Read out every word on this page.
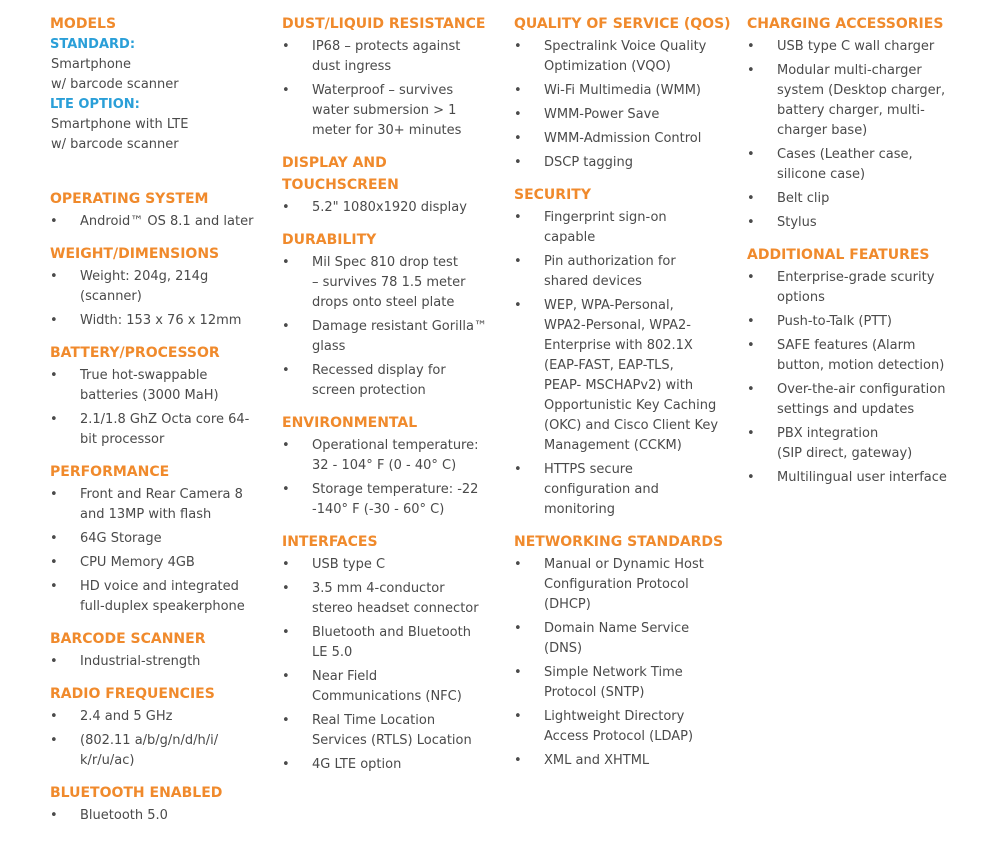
MODELS
STANDARD:
Smartphone
w/ barcode scanner
LTE OPTION:
Smartphone with LTE
w/ barcode scanner
OPERATING SYSTEM
• Android™ OS 8.1 and later
WEIGHT/DIMENSIONS
• Weight: 204g, 214g
(scanner)
• Width: 153 x 76 x 12mm
BATTERY/PROCESSOR
• True hot-swappable
batteries (3000 MaH)
• 2.1/1.8 GhZ Octa core 64-
bit processor
PERFORMANCE
• Front and Rear Camera 8
and 13MP with flash
• 64G Storage
• CPU Memory 4GB
• HD voice and integrated
full-duplex speakerphone
BARCODE SCANNER
• Industrial-strength
RADIO FREQUENCIES
• 2.4 and 5 GHz
• (802.11 a/b/g/n/d/h/i/
k/r/u/ac)
BLUETOOTH ENABLED
• Bluetooth 5.0
DUST/LIQUID RESISTANCE
• IP68 – protects against
dust ingress
• Waterproof – survives
water submersion > 1
meter for 30+ minutes
DISPLAY AND
TOUCHSCREEN
• 5.2" 1080x1920 display
DURABILITY
• Mil Spec 810 drop test
– survives 78 1.5 meter
drops onto steel plate
• Damage resistant Gorilla™
glass
• Recessed display for
screen protection
ENVIRONMENTAL
• Operational temperature:
32 - 104° F (0 - 40° C)
• Storage temperature: -22
-140° F (-30 - 60° C)
INTERFACES
• USB type C
• 3.5 mm 4-conductor
stereo headset connector
• Bluetooth and Bluetooth
LE 5.0
• Near Field
Communications (NFC)
• Real Time Location
Services (RTLS) Location
• 4G LTE option
QUALITY OF SERVICE (QOS)
• Spectralink Voice Quality
Optimization (VQO)
• Wi-Fi Multimedia (WMM)
• WMM-Power Save
• WMM-Admission Control
• DSCP tagging
SECURITY
• Fingerprint sign-on
capable
• Pin authorization for
shared devices
• WEP, WPA-Personal,
WPA2-Personal, WPA2-
Enterprise with 802.1X
(EAP-FAST, EAP-TLS,
PEAP- MSCHAPv2) with
Opportunistic Key Caching
(OKC) and Cisco Client Key
Management (CCKM)
• HTTPS secure
configuration and
monitoring
NETWORKING STANDARDS
• Manual or Dynamic Host
Configuration Protocol
(DHCP)
• Domain Name Service
(DNS)
• Simple Network Time
Protocol (SNTP)
• Lightweight Directory
Access Protocol (LDAP)
• XML and XHTML
CHARGING ACCESSORIES
• USB type C wall charger
• Modular multi-charger
system (Desktop charger,
battery charger, multi-
charger base)
• Cases (Leather case,
silicone case)
• Belt clip
• Stylus
ADDITIONAL FEATURES
• Enterprise-grade scurity
options
• Push-to-Talk (PTT)
• SAFE features (Alarm
button, motion detection)
• Over-the-air configuration
settings and updates
• PBX integration
(SIP direct, gateway)
• Multilingual user interface
